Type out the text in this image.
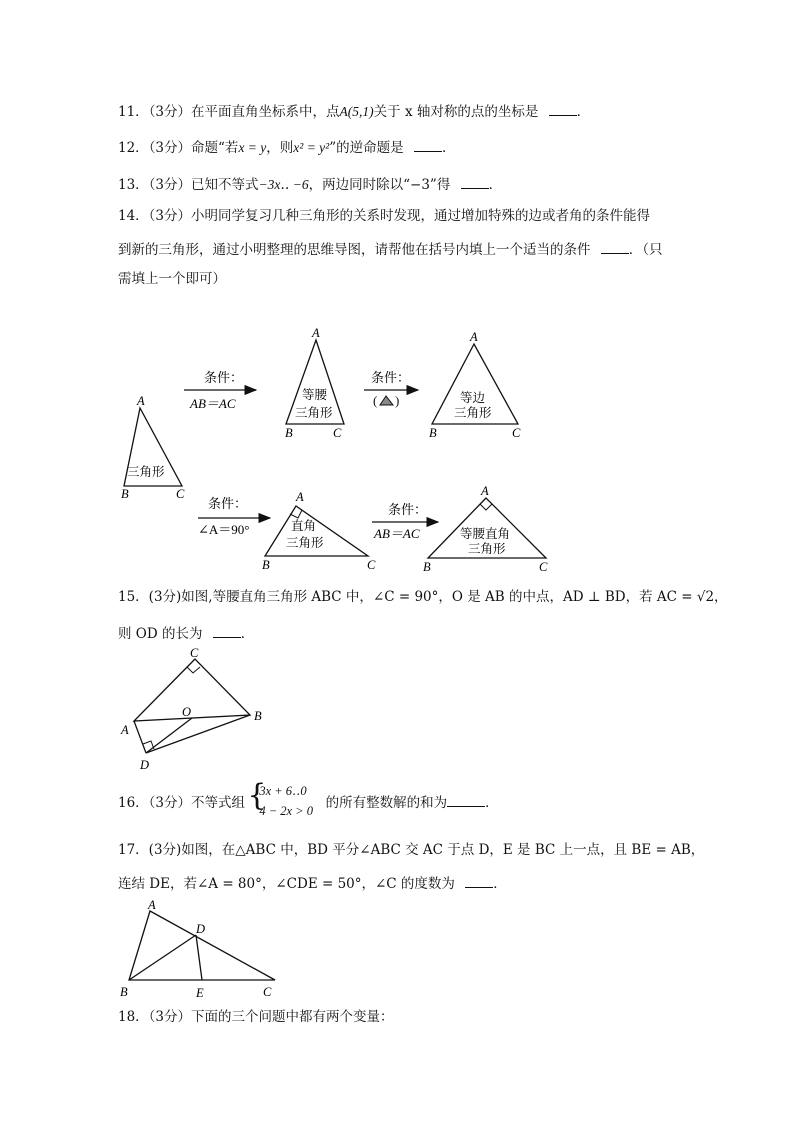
11．（3分）在平面直角坐标系中，点A(5,1)关于 x 轴对称的点的坐标是	．
12．（3分）命题“若x = y，则x² = y²”的逆命题是	．
13．（3分）已知不等式−3x‥ −6，两边同时除以“−3”得	．
14．（3分）小明同学复习几种三角形的关系时发现，通过增加特殊的边或者角的条件能得
到新的三角形，通过小明整理的思维导图，请帮他在括号内填上一个适当的条件	．（只
需填上一个即可）
( )
条件：
AB＝AC
条件：
条件：
∠A＝90°
条件：
AB＝AC
三角形
等腰
三角形
等边
三角形
直角
三角形
等腰直角
三角形
A
B	C
A
B	C
A
B	C
A
B	C
A
B	C
15．(3分)如图,等腰直角三角形 ABC 中，∠C = 90°，O 是 AB 的中点，AD ⊥ BD，若 AC = √2，
则 OD 的长为	．
C
O
A
B
D
16．（3分）不等式组 {
3x + 6‥0
4 − 2x > 0 的所有整数解的和为	．
17．(3分)如图，在△ABC 中，BD 平分∠ABC 交 AC 于点 D，E 是 BC 上一点，且 BE = AB，
连结 DE，若∠A = 80°，∠CDE = 50°，∠C 的度数为	．
A
D
B	E	C
18．（3分）下面的三个问题中都有两个变量：
